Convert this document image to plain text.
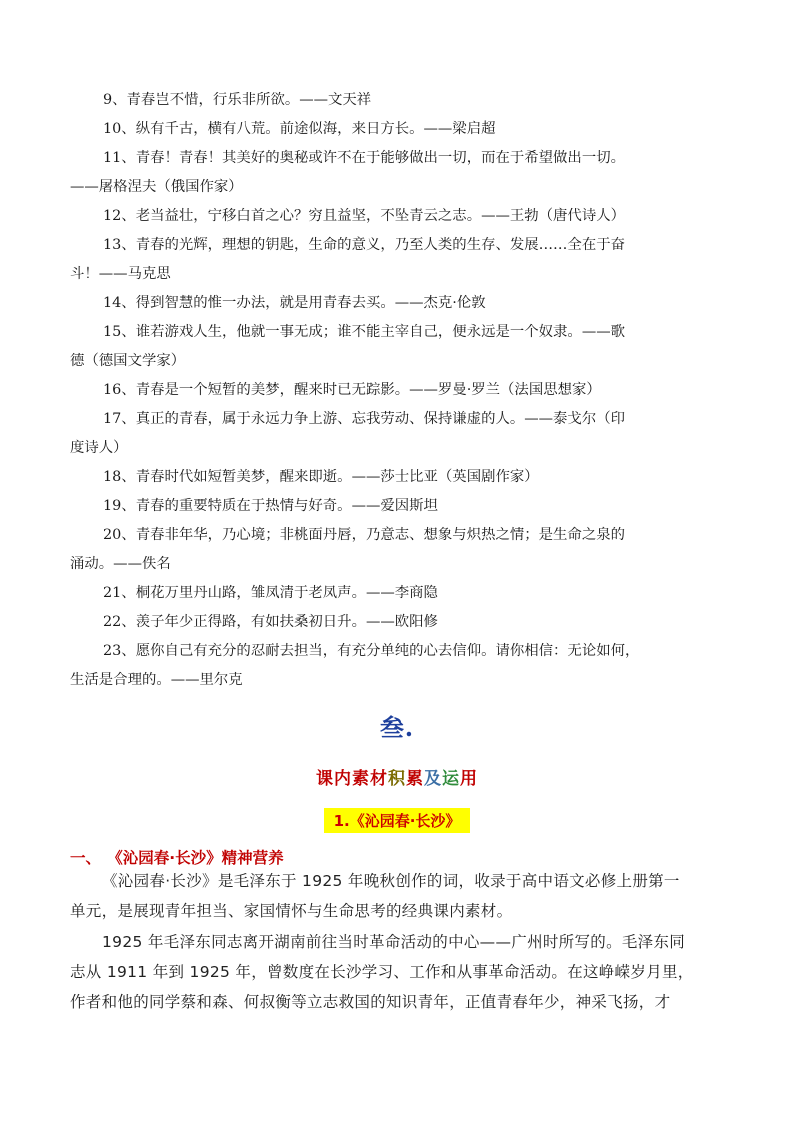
9、青春岂不惜，行乐非所欲。——文天祥
10、纵有千古，横有八荒。前途似海，来日方长。——梁启超
11、青春！青春！其美好的奥秘或许不在于能够做出一切，而在于希望做出一切。
——屠格涅夫（俄国作家）
12、老当益壮，宁移白首之心？穷且益坚，不坠青云之志。——王勃（唐代诗人）
13、青春的光辉，理想的钥匙，生命的意义，乃至人类的生存、发展……全在于奋
斗！——马克思
14、得到智慧的惟一办法，就是用青春去买。——杰克·伦敦
15、谁若游戏人生，他就一事无成；谁不能主宰自己，便永远是一个奴隶。——歌
德（德国文学家）
16、青春是一个短暂的美梦，醒来时已无踪影。——罗曼·罗兰（法国思想家）
17、真正的青春，属于永远力争上游、忘我劳动、保持谦虚的人。——泰戈尔（印
度诗人）
18、青春时代如短暂美梦，醒来即逝。——莎士比亚（英国剧作家）
19、青春的重要特质在于热情与好奇。——爱因斯坦
20、青春非年华，乃心境；非桃面丹唇，乃意志、想象与炽热之情；是生命之泉的
涌动。——佚名
21、桐花万里丹山路，雏凤清于老凤声。——李商隐
22、羡子年少正得路，有如扶桑初日升。——欧阳修
23、愿你自己有充分的忍耐去担当，有充分单纯的心去信仰。请你相信：无论如何，
生活是合理的。——里尔克
叁.
课内素材积累及运用
1.《沁园春·长沙》
一、 《沁园春·长沙》精神营养
《沁园春·长沙》是毛泽东于 1925 年晚秋创作的词，收录于高中语文必修上册第一
单元，是展现青年担当、家国情怀与生命思考的经典课内素材。
1925 年毛泽东同志离开湖南前往当时革命活动的中心——广州时所写的。毛泽东同
志从 1911 年到 1925 年，曾数度在长沙学习、工作和从事革命活动。在这峥嵘岁月里，
作者和他的同学蔡和森、何叔衡等立志救国的知识青年，正值青春年少，神采飞扬，才
